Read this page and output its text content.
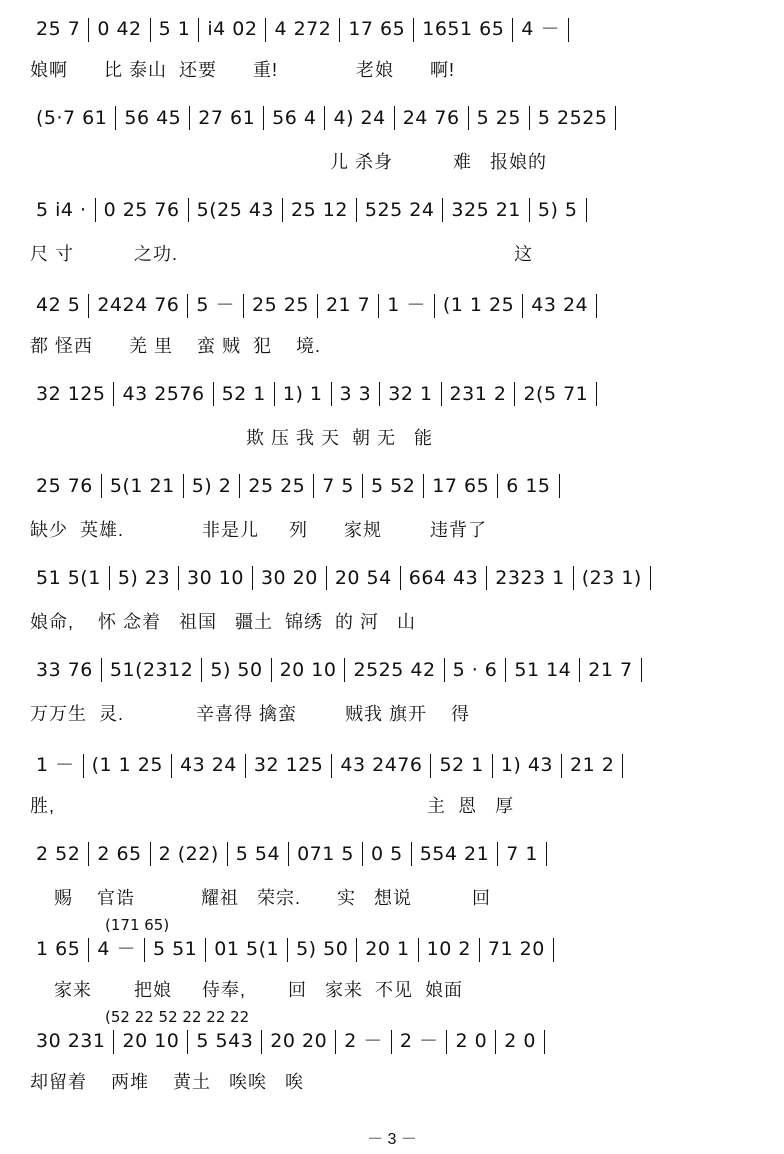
25 7 0 42 5 1 i4 02 4 272 17 65 1651 65 4 －
娘啊      比 泰山  还要      重!             老娘      啊!
(5·7 61 56 45 27 61 56 4 4) 24 24 76 5 25 5 2525
儿 杀身          难   报娘的
5 i4 · 0 25 76 5(25 43 25 12 525 24 325 21 5) 5
尺 寸          之功.                                                        这
42 5 2424 76 5 － 25 25 21 7 1 － (1 1 25 43 24
都 怪西      羌 里    蛮 贼  犯    境.
32 125 43 2576 52 1 1) 1 3 3 32 1 231 2 2(5 71
欺 压 我 天  朝 无   能
25 76 5(1 21 5) 2 25 25 7 5 5 52 17 65 6 15
缺少  英雄.             非是儿     列      家规        违背了
51 5(1 5) 23 30 10 30 20 20 54 664 43 2323 1 (23 1)
娘命,    怀 念着   祖国   疆土  锦绣  的 河   山
33 76 51(2312 5) 50 20 10 2525 42 5 · 6 51 14 21 7
万万生  灵.            辛喜得 擒蛮        贼我 旗开    得
1 － (1 1 25 43 24 32 125 43 2476 52 1 1) 43 21 2
胜,                                                              主  恩   厚
2 52 2 65 2 (22) 5 54 071 5 0 5 554 21 7 1
赐    官诰           耀祖   荣宗.      实   想说          回
(171 65)
1 65 4 － 5 51 01 5(1 5) 50 20 1 10 2 71 20
家来       把娘     侍奉,       回   家来  不见  娘面
(52 22 52 22 22 22
30 231 20 10 5 543 20 20 2 － 2 － 2 0 2 0
却留着    两堆    黄土   唉唉   唉
－ 3 －
